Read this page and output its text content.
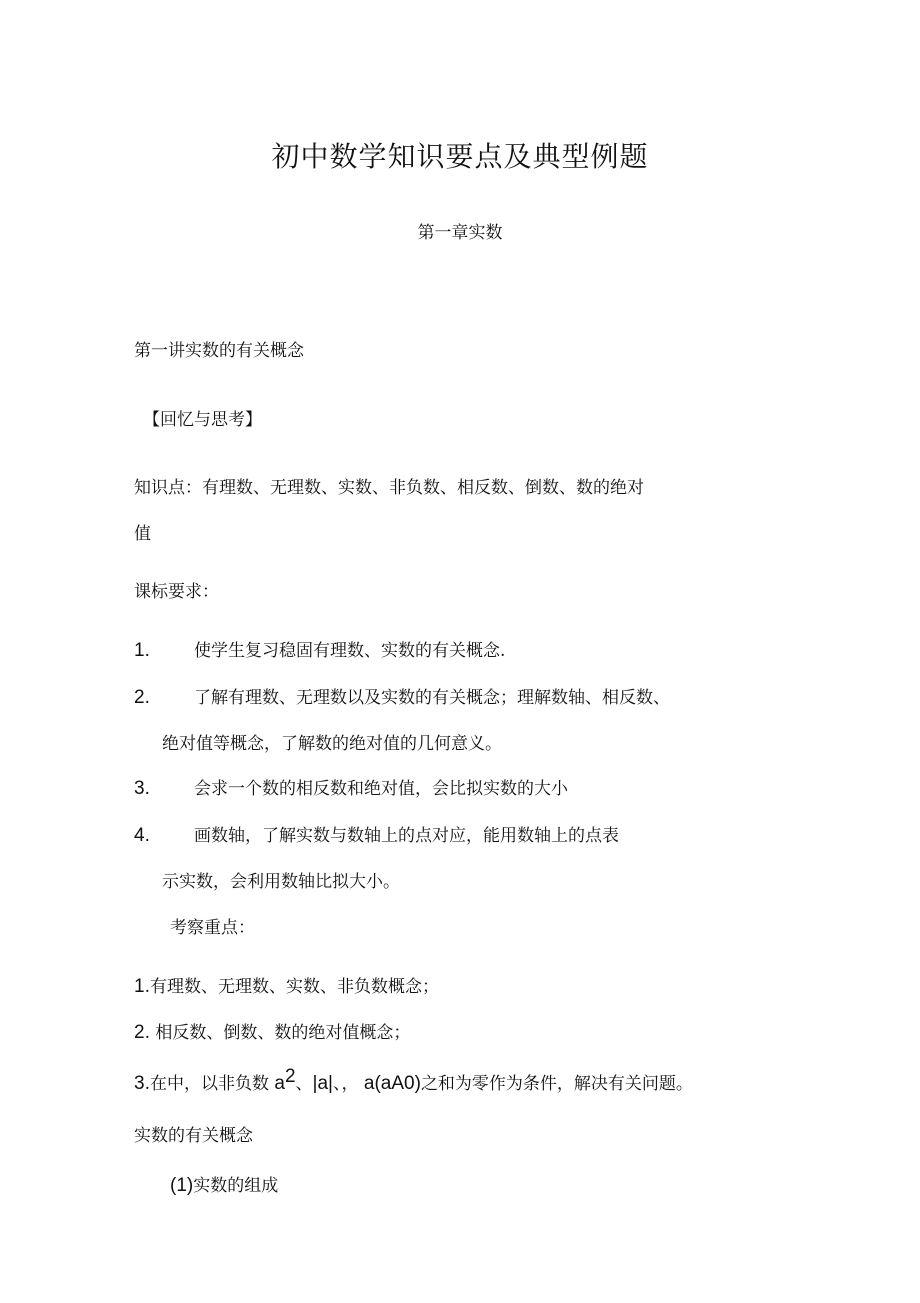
初中数学知识要点及典型例题
第一章实数
第一讲实数的有关概念
【回忆与思考】
知识点：有理数、无理数、实数、非负数、相反数、倒数、数的绝对
值
课标要求：
1.	使学生复习稳固有理数、实数的有关概念.
2.	了解有理数、无理数以及实数的有关概念；理解数轴、相反数、
绝对值等概念，了解数的绝对值的几何意义。
3.	会求一个数的相反数和绝对值，会比拟实数的大小
4.	画数轴，了解实数与数轴上的点对应，能用数轴上的点表
示实数，会利用数轴比拟大小。
考察重点：
1.有理数、无理数、实数、非负数概念；
2. 相反数、倒数、数的绝对值概念；
3.在中，以非负数 $a^2$、|a|、， a(aA0)之和为零作为条件，解决有关问题。
实数的有关概念
(1)实数的组成
